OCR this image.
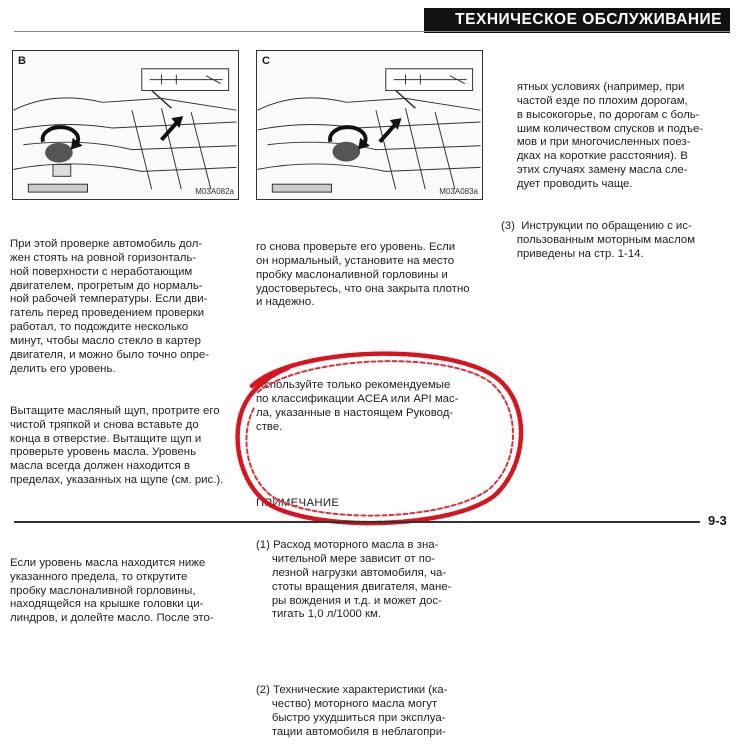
ТЕХНИЧЕСКОЕ ОБСЛУЖИВАНИЕ
B
M03A082a
C
M03A083a

При этой проверке автомобиль дол-
жен стоять на ровной горизонталь-
ной поверхности с неработающим
двигателем, прогретым до нормаль-
ной рабочей температуры. Если дви-
гатель перед проведением проверки
работал, то подождите несколько
минут, чтобы масло стекло в картер
двигателя, и можно было точно опре-
делить его уровень.

Вытащите масляный щуп, протрите его
чистой тряпкой и снова вставьте до
конца в отверстие. Вытащите щуп и
проверьте уровень масла. Уровень
масла всегда должен находится в
пределах, указанных на щупе (см. рис.).

Если уровень масла находится ниже
указанного предела, то открутите
пробку маслоналивной горловины,
находящейся на крышке головки ци-
линдров, и долейте масло. После это-

го снова проверьте его уровень. Если
он нормальный, установите на место
пробку маслоналивной горловины и
удостоверьтесь, что она закрыта плотно
и надежно.

Используйте только рекомендуемые
по классификации ACEA или API мас-
ла, указанные в настоящем Руковод-
стве.

ПРИМЕЧАНИЕ

(1) Расход моторного масла в зна-
чительной мере зависит от по-
лезной нагрузки автомобиля, ча-
стоты вращения двигателя, мане-
ры вождения и т.д. и может дос-
тигать 1,0 л/1000 км.

(2) Технические характеристики (ка-
чество) моторного масла могут
быстро ухудшиться при эксплуа-
тации автомобиля в неблагопри-

ятных условиях (например, при
частой езде по плохим дорогам,
в высокогорье, по дорогам с боль-
шим количеством спусков и подъе-
мов и при многочисленных поез-
дках на короткие расстояния). В
этих случаях замену масла сле-
дует проводить чаще.

(3)  Инструкции по обращению с ис-
пользованным моторным маслом
приведены на стр. 1-14.

9-3
